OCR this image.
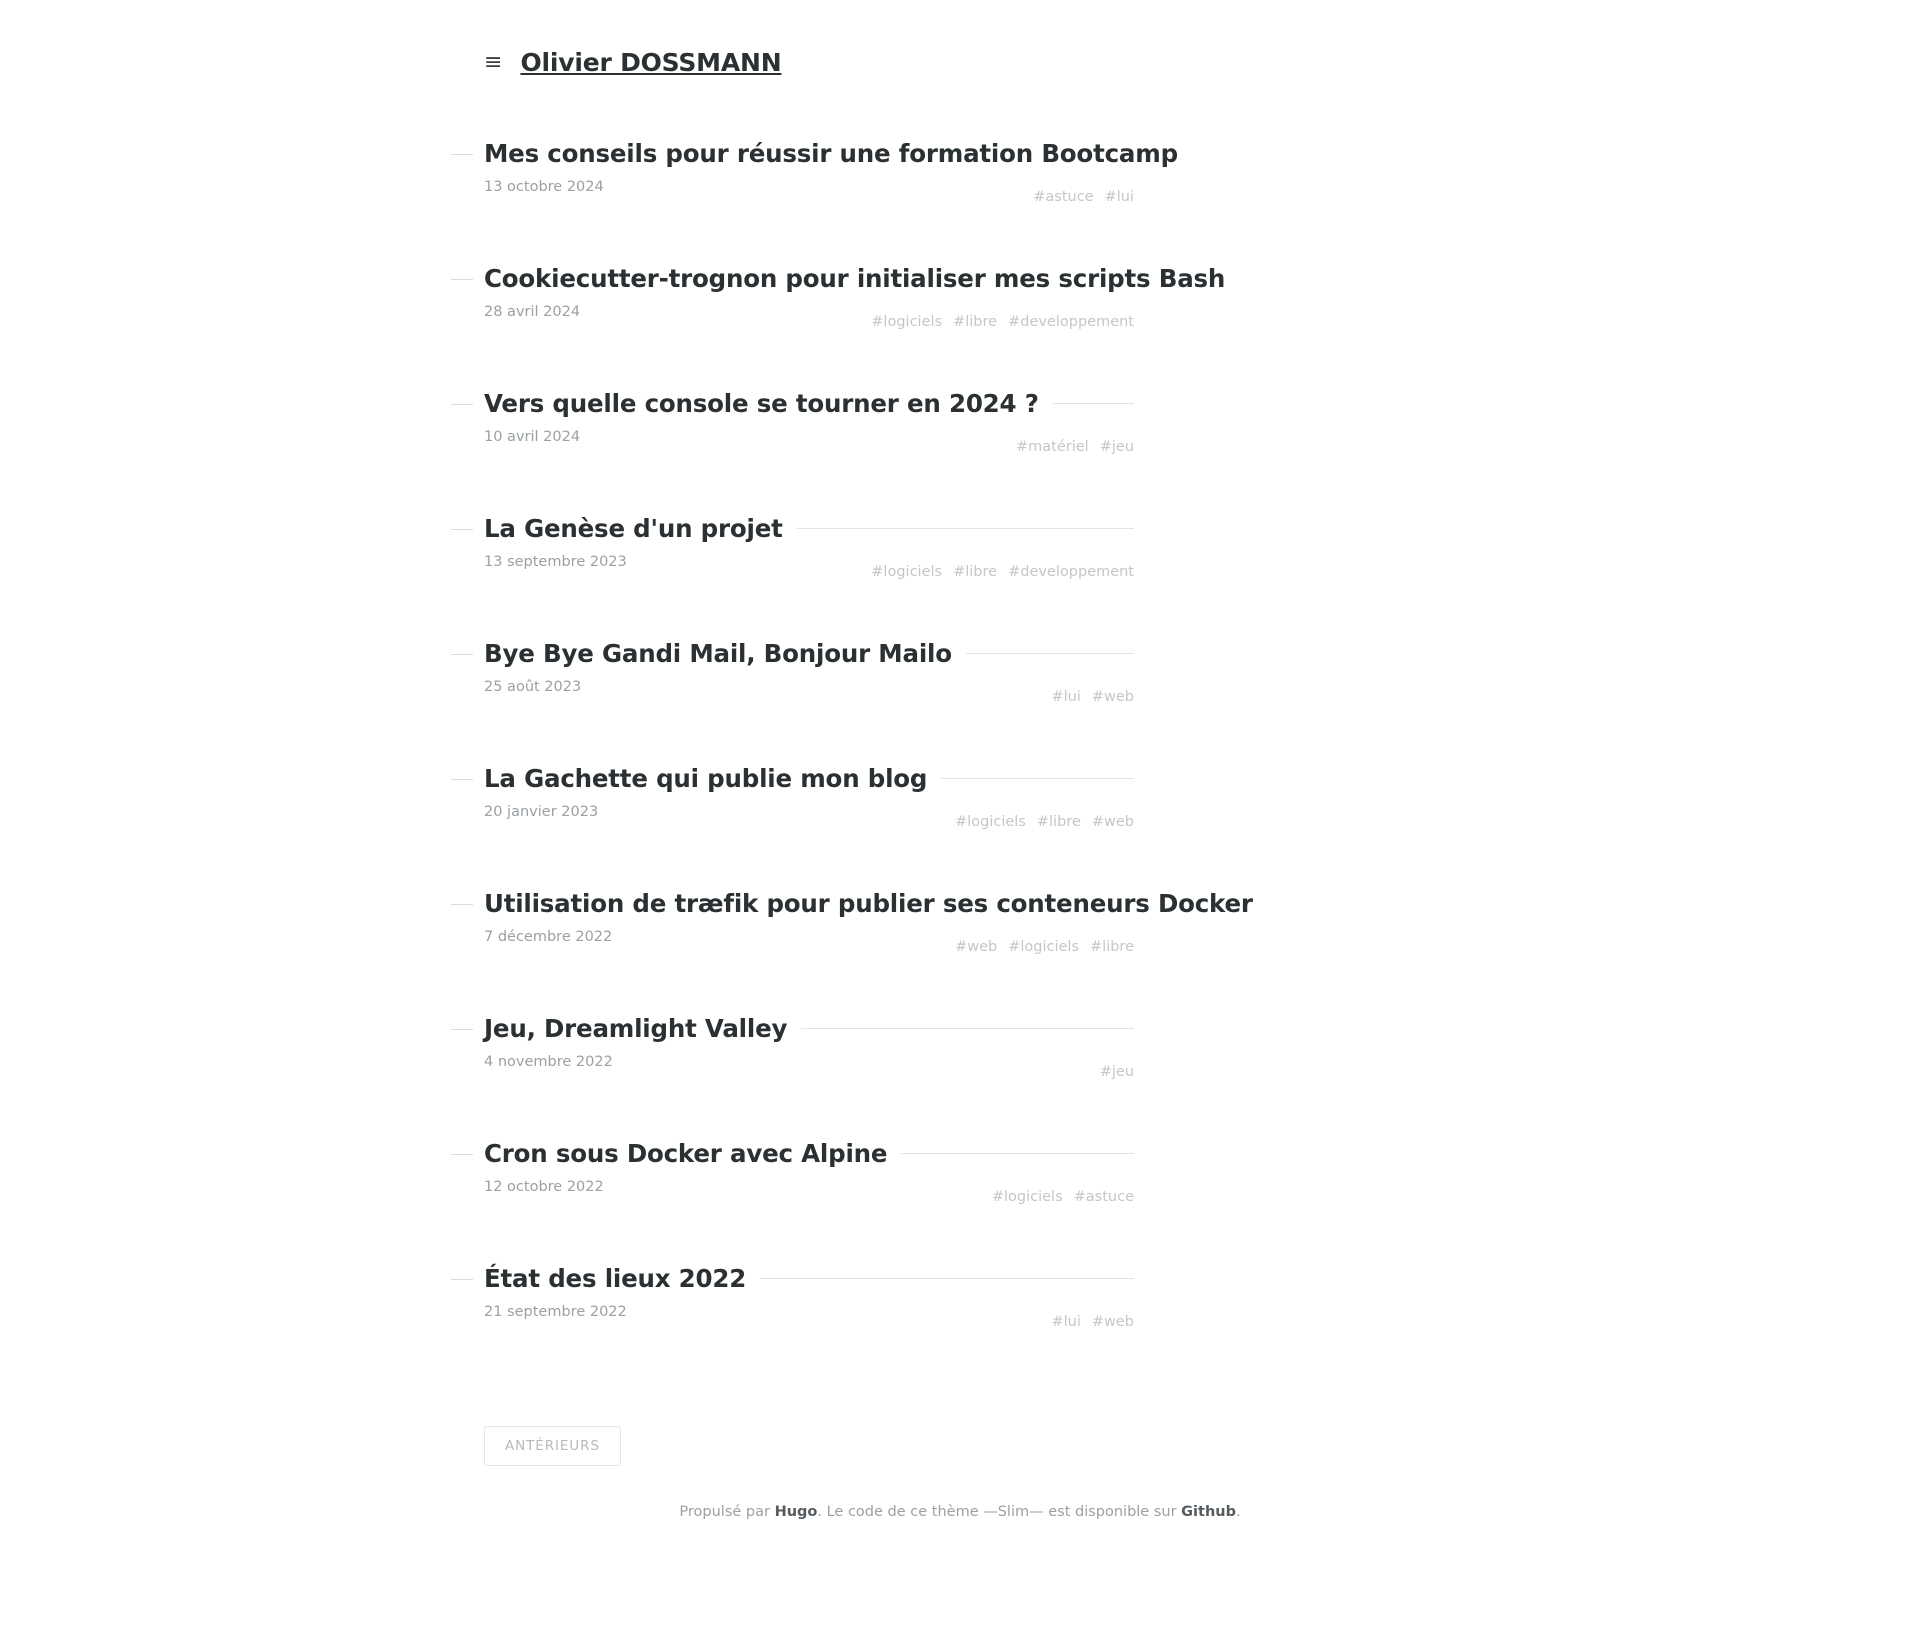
≡ Olivier DOSSMANN
Mes conseils pour réussir une formation Bootcamp
13 octobre 2024
#astuce #lui
Cookiecutter-trognon pour initialiser mes scripts Bash
28 avril 2024
#logiciels #libre #developpement
Vers quelle console se tourner en 2024 ?
10 avril 2024
#matériel #jeu
La Genèse d'un projet
13 septembre 2023
#logiciels #libre #developpement
Bye Bye Gandi Mail, Bonjour Mailo
25 août 2023
#lui #web
La Gachette qui publie mon blog
20 janvier 2023
#logiciels #libre #web
Utilisation de træfik pour publier ses conteneurs Docker
7 décembre 2022
#web #logiciels #libre
Jeu, Dreamlight Valley
4 novembre 2022
#jeu
Cron sous Docker avec Alpine
12 octobre 2022
#logiciels #astuce
État des lieux 2022
21 septembre 2022
#lui #web
ANTÉRIEURS
Propulsé par Hugo. Le code de ce thème —Slim— est disponible sur Github.
